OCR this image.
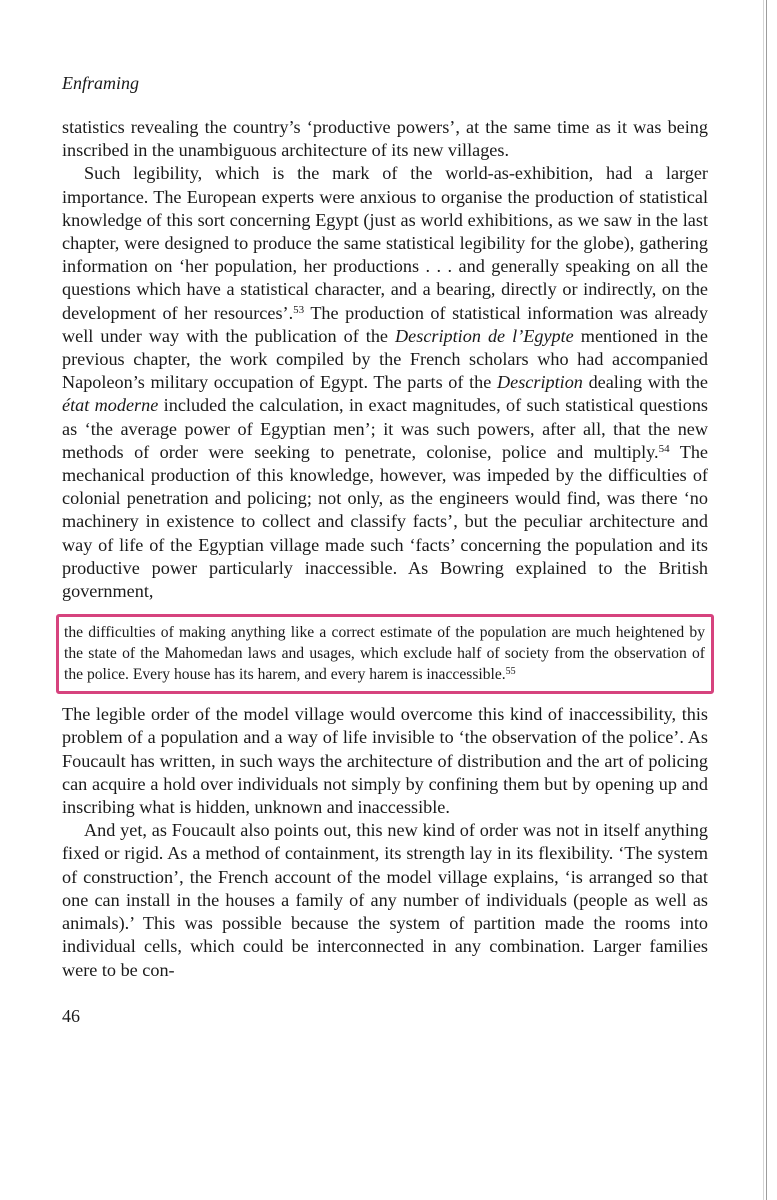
Enframing

statistics revealing the country’s ‘productive powers’, at the same time as it was being inscribed in the unambiguous architecture of its new villages.

Such legibility, which is the mark of the world-as-exhibition, had a larger importance. The European experts were anxious to organise the production of statistical knowledge of this sort concerning Egypt (just as world exhibitions, as we saw in the last chapter, were designed to produce the same statistical legibility for the globe), gathering information on ‘her population, her productions . . . and generally speaking on all the questions which have a statistical character, and a bearing, directly or indirectly, on the development of her resources’.$^{53}$ The production of statistical information was already well under way with the publication of the Description de l’Egypte mentioned in the previous chapter, the work compiled by the French scholars who had accompanied Napoleon’s military occupation of Egypt. The parts of the Description dealing with the état moderne included the calculation, in exact magnitudes, of such statistical questions as ‘the average power of Egyptian men’; it was such powers, after all, that the new methods of order were seeking to penetrate, colonise, police and multiply.$^{54}$ The mechanical production of this knowledge, however, was impeded by the difficulties of colonial penetration and policing; not only, as the engineers would find, was there ‘no machinery in existence to collect and classify facts’, but the peculiar architecture and way of life of the Egyptian village made such ‘facts’ concerning the population and its productive power particularly inaccessible. As Bowring explained to the British government,

the difficulties of making anything like a correct estimate of the population are much heightened by the state of the Mahomedan laws and usages, which exclude half of society from the observation of the police. Every house has its harem, and every harem is inaccessible.$^{55}$

The legible order of the model village would overcome this kind of inaccessibility, this problem of a population and a way of life invisible to ‘the observation of the police’. As Foucault has written, in such ways the architecture of distribution and the art of policing can acquire a hold over individuals not simply by confining them but by opening up and inscribing what is hidden, unknown and inaccessible.

And yet, as Foucault also points out, this new kind of order was not in itself anything fixed or rigid. As a method of containment, its strength lay in its flexibility. ‘The system of construction’, the French account of the model village explains, ‘is arranged so that one can install in the houses a family of any number of individuals (people as well as animals).’ This was possible because the system of partition made the rooms into individual cells, which could be interconnected in any combination. Larger families were to be con-

46
